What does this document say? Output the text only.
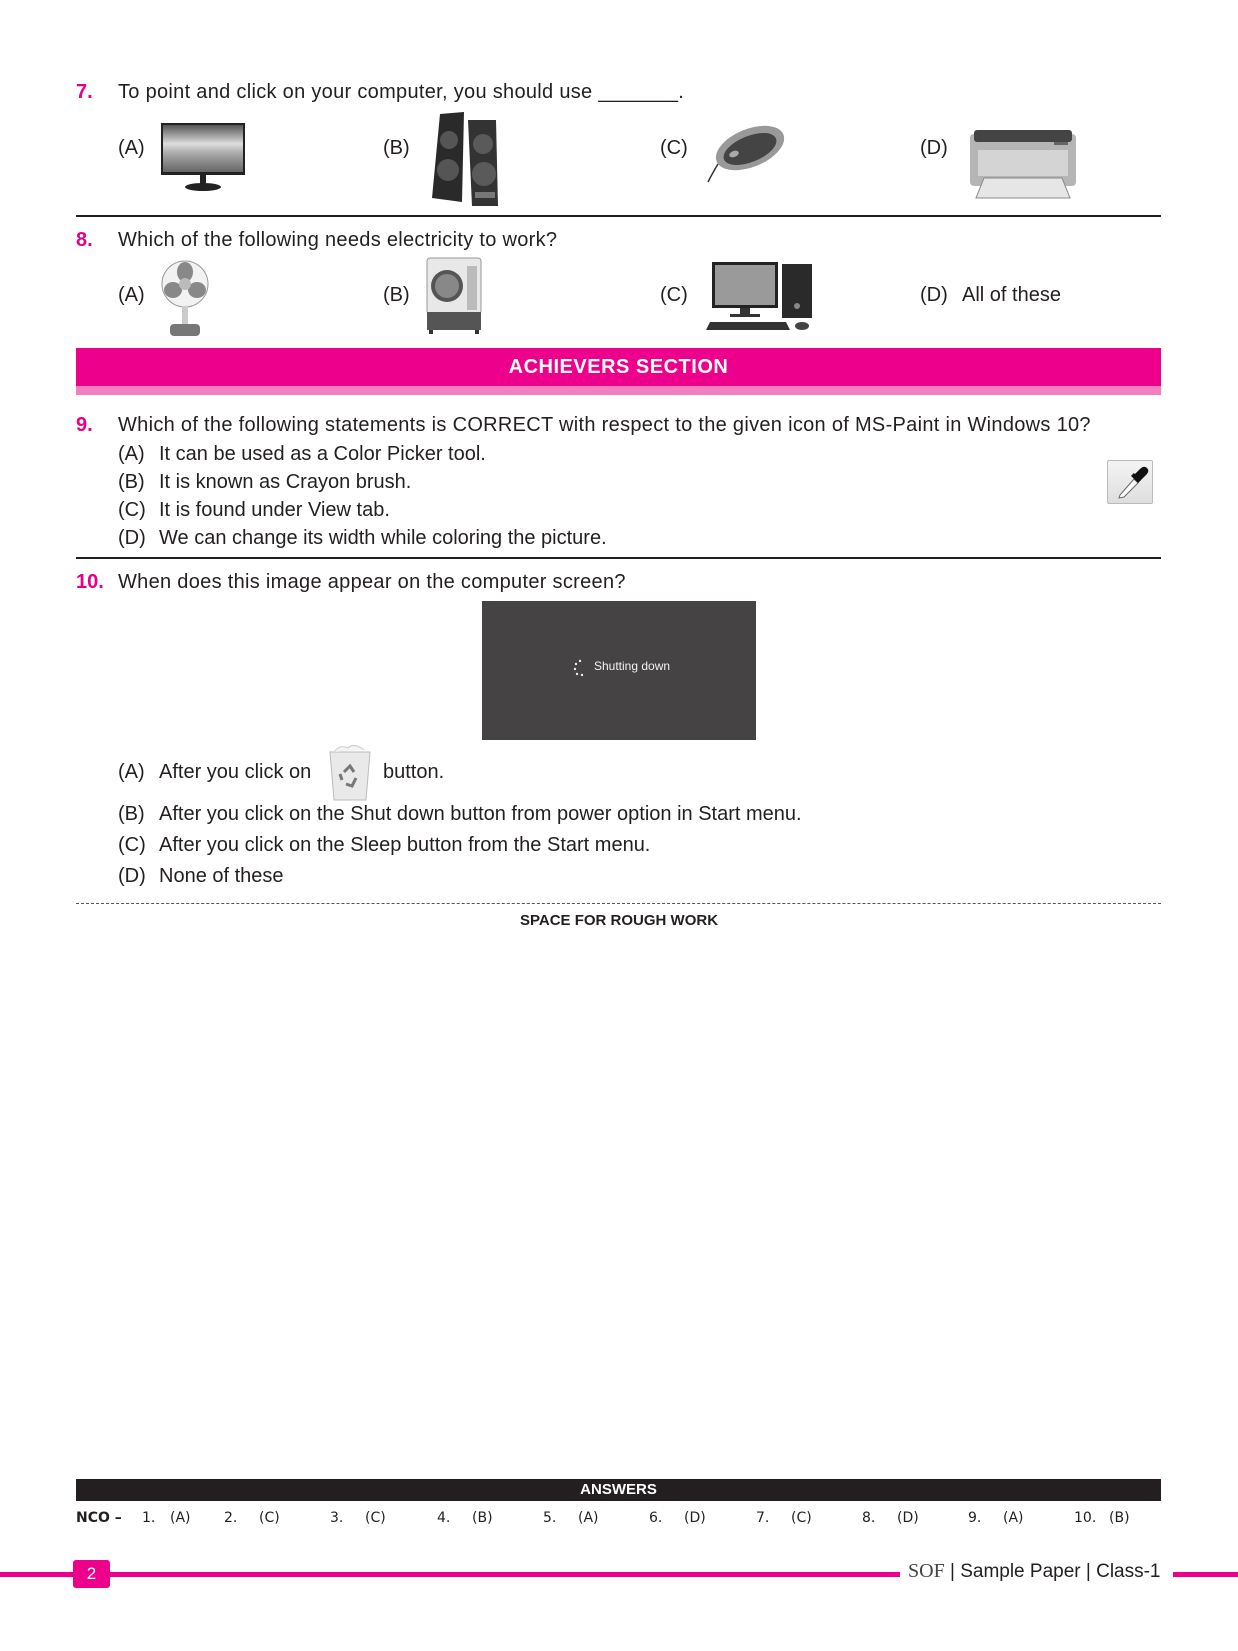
7. To point and click on your computer, you should use _______.
(A)	(B)	(C)	(D)
8. Which of the following needs electricity to work?
(A)	(B)	(C)	(D) All of these
ACHIEVERS SECTION
9. Which of the following statements is CORRECT with respect to the given icon of MS-Paint in Windows 10?
(A) It can be used as a Color Picker tool.
(B) It is known as Crayon brush.
(C) It is found under View tab.
(D) We can change its width while coloring the picture.
10. When does this image appear on the computer screen?
Shutting down
(A) After you click on	button.
(B) After you click on the Shut down button from power option in Start menu.
(C) After you click on the Sleep button from the Start menu.
(D) None of these
SPACE FOR ROUGH WORK
ANSWERS
NCO – 1. (A) 2. (C)	3. (C)	4. (B)	5. (A)	6. (D)	7. (C)	8. (D)	9. (A)	10. (B)
2	SOF | Sample Paper | Class-1
